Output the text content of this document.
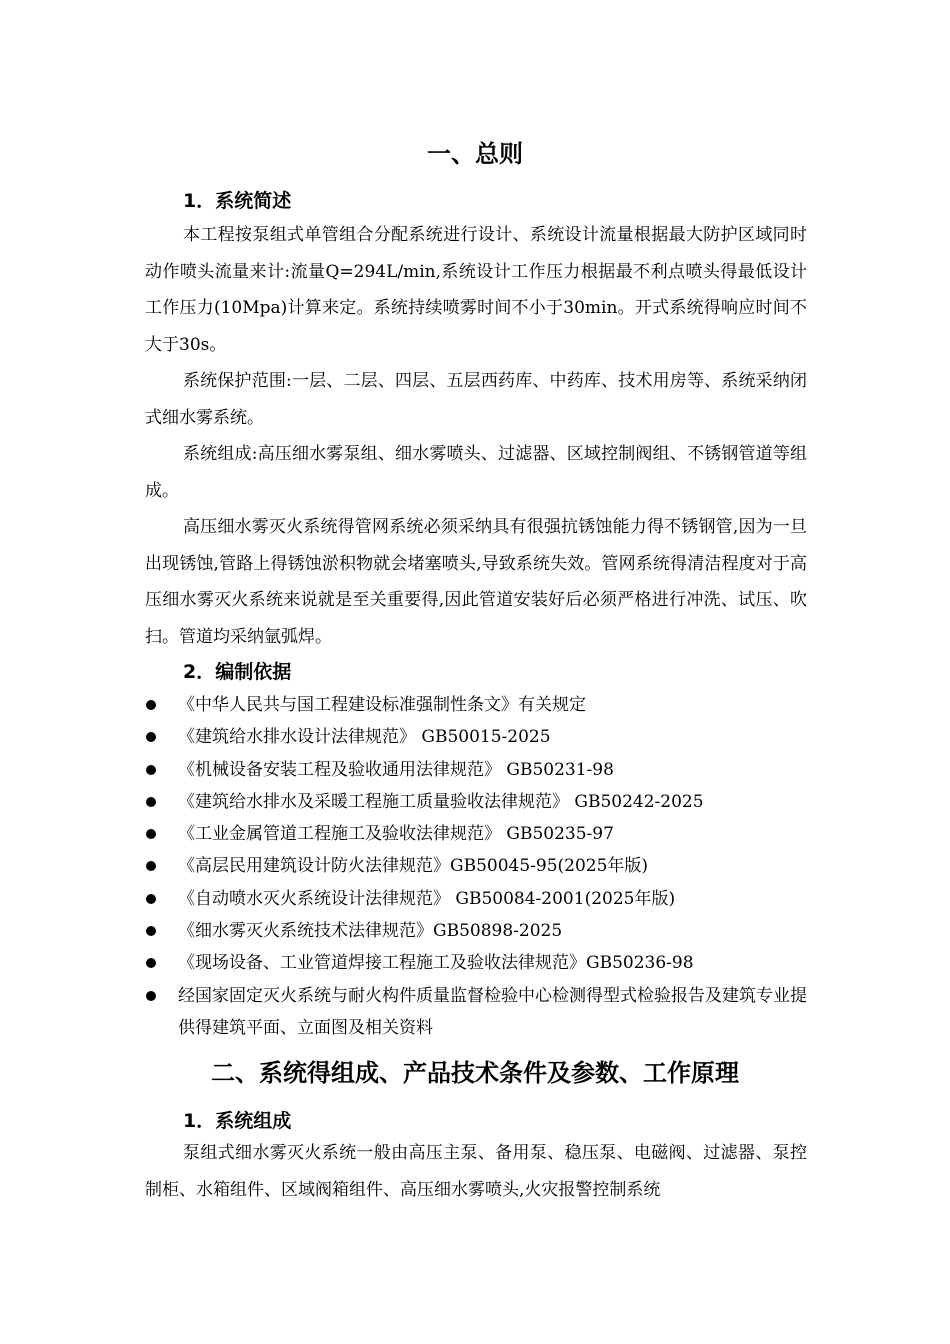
一、总则
1．系统简述
本工程按泵组式单管组合分配系统进行设计、系统设计流量根据最大防护区域同时动作喷头流量来计:流量Q=294L/min,系统设计工作压力根据最不利点喷头得最低设计工作压力(10Mpa)计算来定。系统持续喷雾时间不小于30min。开式系统得响应时间不大于30s。
系统保护范围:一层、二层、四层、五层西药库、中药库、技术用房等、系统采纳闭式细水雾系统。
系统组成:高压细水雾泵组、细水雾喷头、过滤器、区域控制阀组、不锈钢管道等组成。
高压细水雾灭火系统得管网系统必须采纳具有很强抗锈蚀能力得不锈钢管,因为一旦出现锈蚀,管路上得锈蚀淤积物就会堵塞喷头,导致系统失效。管网系统得清洁程度对于高压细水雾灭火系统来说就是至关重要得,因此管道安装好后必须严格进行冲洗、试压、吹扫。管道均采纳氩弧焊。
2．编制依据
《中华人民共与国工程建设标准强制性条文》有关规定
《建筑给水排水设计法律规范》 GB50015-2025
《机械设备安装工程及验收通用法律规范》 GB50231-98
《建筑给水排水及采暖工程施工质量验收法律规范》 GB50242-2025
《工业金属管道工程施工及验收法律规范》 GB50235-97
《高层民用建筑设计防火法律规范》GB50045-95(2025年版)
《自动喷水灭火系统设计法律规范》 GB50084-2001(2025年版)
《细水雾灭火系统技术法律规范》GB50898-2025
《现场设备、工业管道焊接工程施工及验收法律规范》GB50236-98
经国家固定灭火系统与耐火构件质量监督检验中心检测得型式检验报告及建筑专业提供得建筑平面、立面图及相关资料
二、系统得组成、产品技术条件及参数、工作原理
1．系统组成
泵组式细水雾灭火系统一般由高压主泵、备用泵、稳压泵、电磁阀、过滤器、泵控制柜、水箱组件、区域阀箱组件、高压细水雾喷头,火灾报警控制系统
